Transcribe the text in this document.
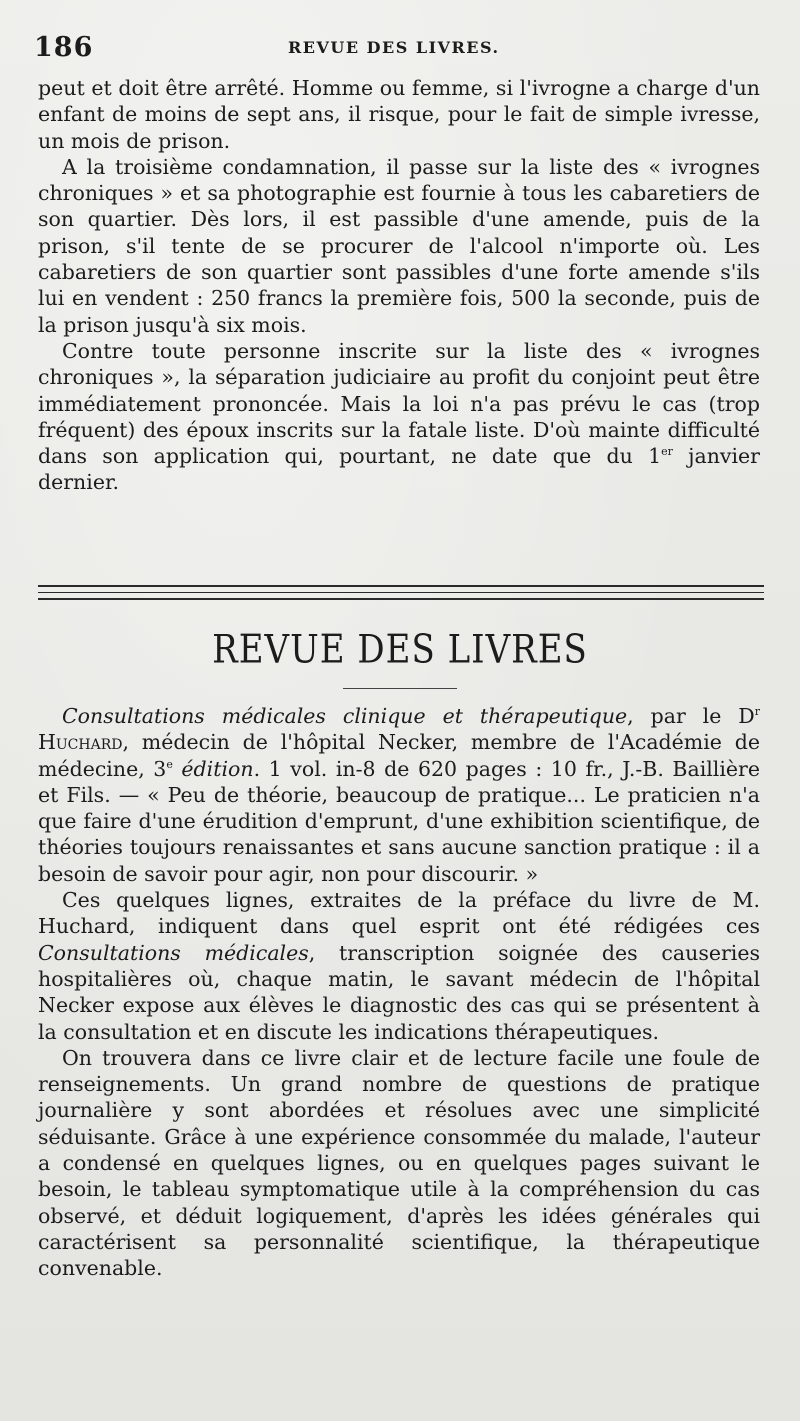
186	REVUE DES LIVRES.

peut et doit être arrêté. Homme ou femme, si l'ivrogne a charge d'un enfant de moins de sept ans, il risque, pour le fait de simple ivresse, un mois de prison.

A la troisième condamnation, il passe sur la liste des « ivrognes chroniques » et sa photographie est fournie à tous les cabaretiers de son quartier. Dès lors, il est passible d'une amende, puis de la prison, s'il tente de se procurer de l'alcool n'importe où. Les cabaretiers de son quartier sont passibles d'une forte amende s'ils lui en vendent : 250 francs la première fois, 500 la seconde, puis de la prison jusqu'à six mois.

Contre toute personne inscrite sur la liste des « ivrognes chroniques », la séparation judiciaire au profit du conjoint peut être immédiatement prononcée. Mais la loi n'a pas prévu le cas (trop fréquent) des époux inscrits sur la fatale liste. D'où mainte difficulté dans son application qui, pourtant, ne date que du 1er janvier dernier.

REVUE DES LIVRES

Consultations médicales clinique et thérapeutique, par le $D^r$ Huchard, médecin de l'hôpital Necker, membre de l'Académie de médecine, 3e édition. 1 vol. in-8 de 620 pages : 10 fr., J.-B. Baillière et Fils. — « Peu de théorie, beaucoup de pratique... Le praticien n'a que faire d'une érudition d'emprunt, d'une exhibition scientifique, de théories toujours renaissantes et sans aucune sanction pratique : il a besoin de savoir pour agir, non pour discourir. »

Ces quelques lignes, extraites de la préface du livre de M. Huchard, indiquent dans quel esprit ont été rédigées ces Consultations médicales, transcription soignée des causeries hospitalières où, chaque matin, le savant médecin de l'hôpital Necker expose aux élèves le diagnostic des cas qui se présentent à la consultation et en discute les indications thérapeutiques.

On trouvera dans ce livre clair et de lecture facile une foule de renseignements. Un grand nombre de questions de pratique journalière y sont abordées et résolues avec une simplicité séduisante. Grâce à une expérience consommée du malade, l'auteur a condensé en quelques lignes, ou en quelques pages suivant le besoin, le tableau symptomatique utile à la compréhension du cas observé, et déduit logiquement, d'après les idées générales qui caractérisent sa personnalité scientifique, la thérapeutique convenable.
